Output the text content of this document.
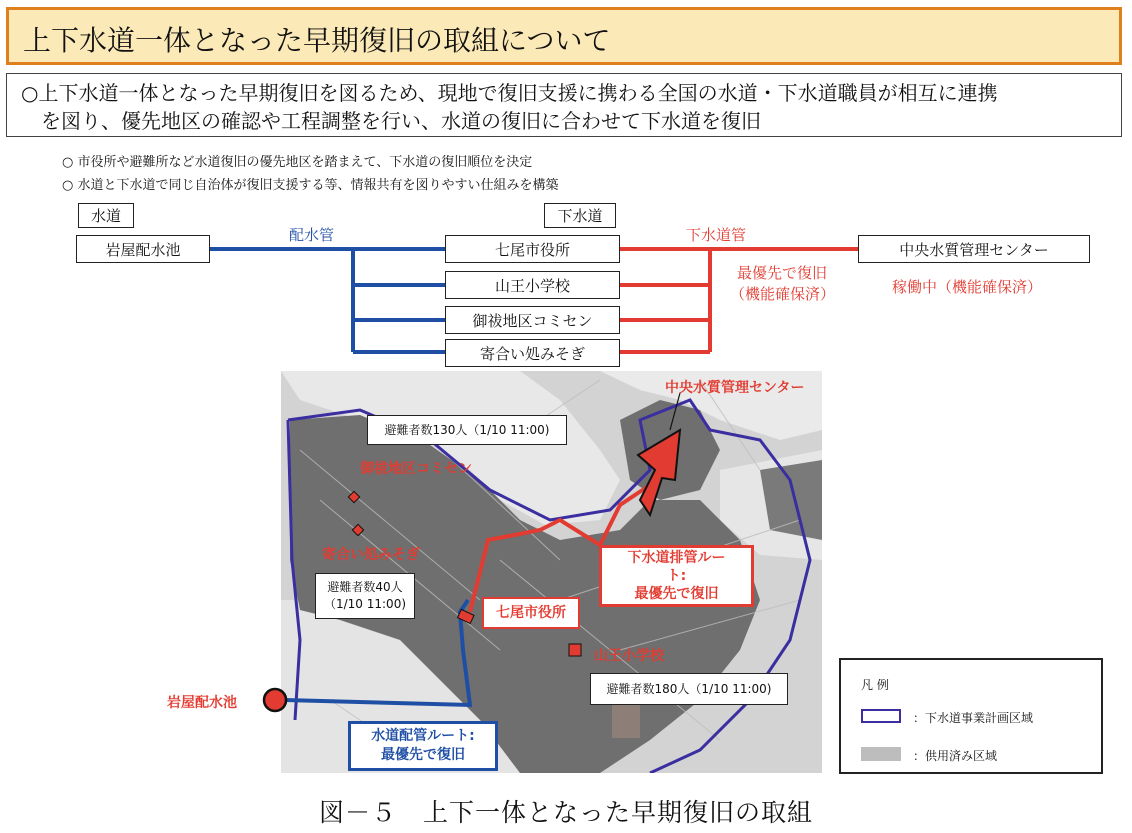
上下水道一体となった早期復旧の取組について
○上下水道一体となった早期復旧を図るため、現地で復旧支援に携わる全国の水道・下水道職員が相互に連携
を図り、優先地区の確認や工程調整を行い、水道の復旧に合わせて下水道を復旧
○ 市役所や避難所など水道復旧の優先地区を踏まえて、下水道の復旧順位を決定
○ 水道と下水道で同じ自治体が復旧支援する等、情報共有を図りやすい仕組みを構築
水道	下水道
岩屋配水池
配水管	下水道管
七尾市役所
山王小学校
御祓地区コミセン
寄合い処みそぎ
中央水質管理センター
最優先で復旧
（機能確保済）	稼働中（機能確保済）
中央水質管理センター
避難者数130人（1/10 11:00)
御祓地区コミセン
寄合い処みそぎ
避難者数40人
（1/10 11:00)
七尾市役所
山王小学校
避難者数180人（1/10 11:00)
下水道排管ルー
ト:
最優先で復旧
水道配管ルート:
最優先で復旧
岩屋配水池
凡 例
：下水道事業計画区域
：供用済み区域
図－５　上下一体となった早期復旧の取組
